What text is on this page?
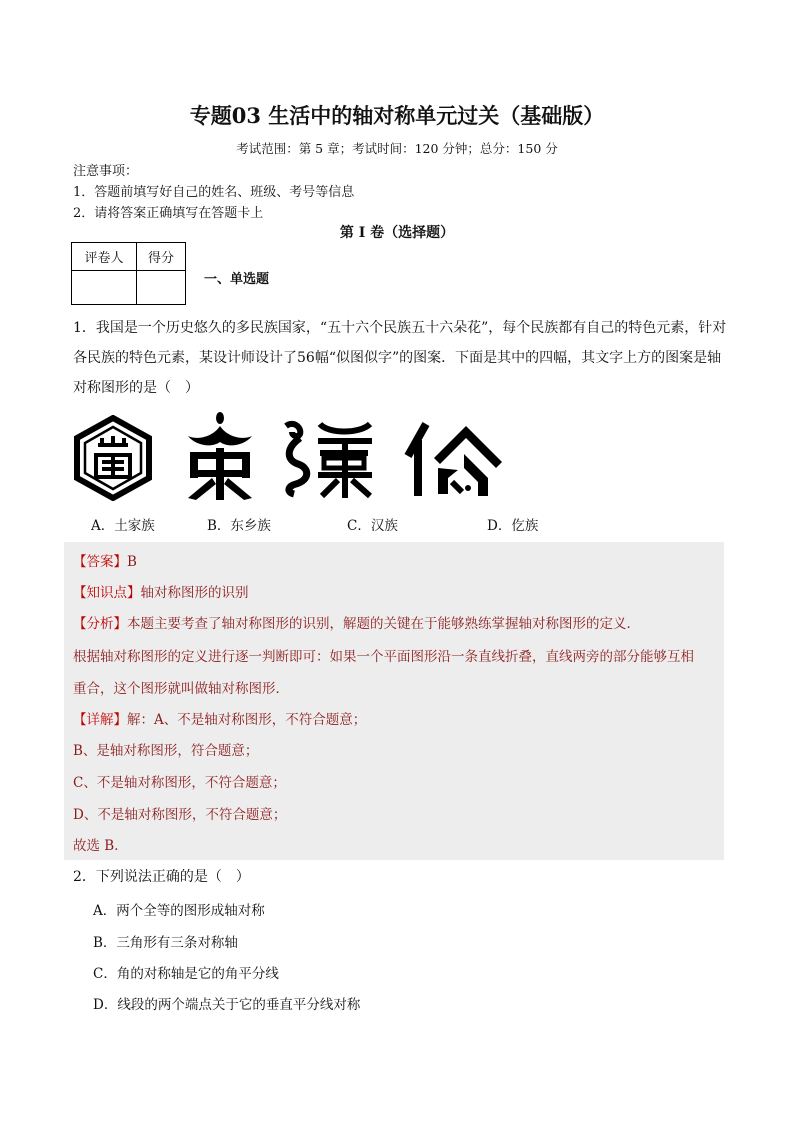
专题03 生活中的轴对称单元过关（基础版）
考试范围：第 5 章；考试时间：120 分钟；总分：150 分
注意事项：
1．答题前填写好自己的姓名、班级、考号等信息
2．请将答案正确填写在答题卡上
第 I 卷（选择题）
评卷人	得分

一、单选题
1．我国是一个历史悠久的多民族国家，“五十六个民族五十六朵花”，每个民族都有自己的特色元素，针对各民族的特色元素，某设计师设计了56幅“似图似字”的图案．下面是其中的四幅，其文字上方的图案是轴对称图形的是（　）
A．土家族	B．东乡族	C．汉族	D．仡族
【答案】B
【知识点】轴对称图形的识别
【分析】本题主要考查了轴对称图形的识别，解题的关键在于能够熟练掌握轴对称图形的定义．
根据轴对称图形的定义进行逐一判断即可：如果一个平面图形沿一条直线折叠，直线两旁的部分能够互相
重合，这个图形就叫做轴对称图形．
【详解】解：A、不是轴对称图形，不符合题意；
B、是轴对称图形，符合题意；
C、不是轴对称图形，不符合题意；
D、不是轴对称图形，不符合题意；
故选 B．
2．下列说法正确的是（　）
A．两个全等的图形成轴对称
B．三角形有三条对称轴
C．角的对称轴是它的角平分线
D．线段的两个端点关于它的垂直平分线对称
